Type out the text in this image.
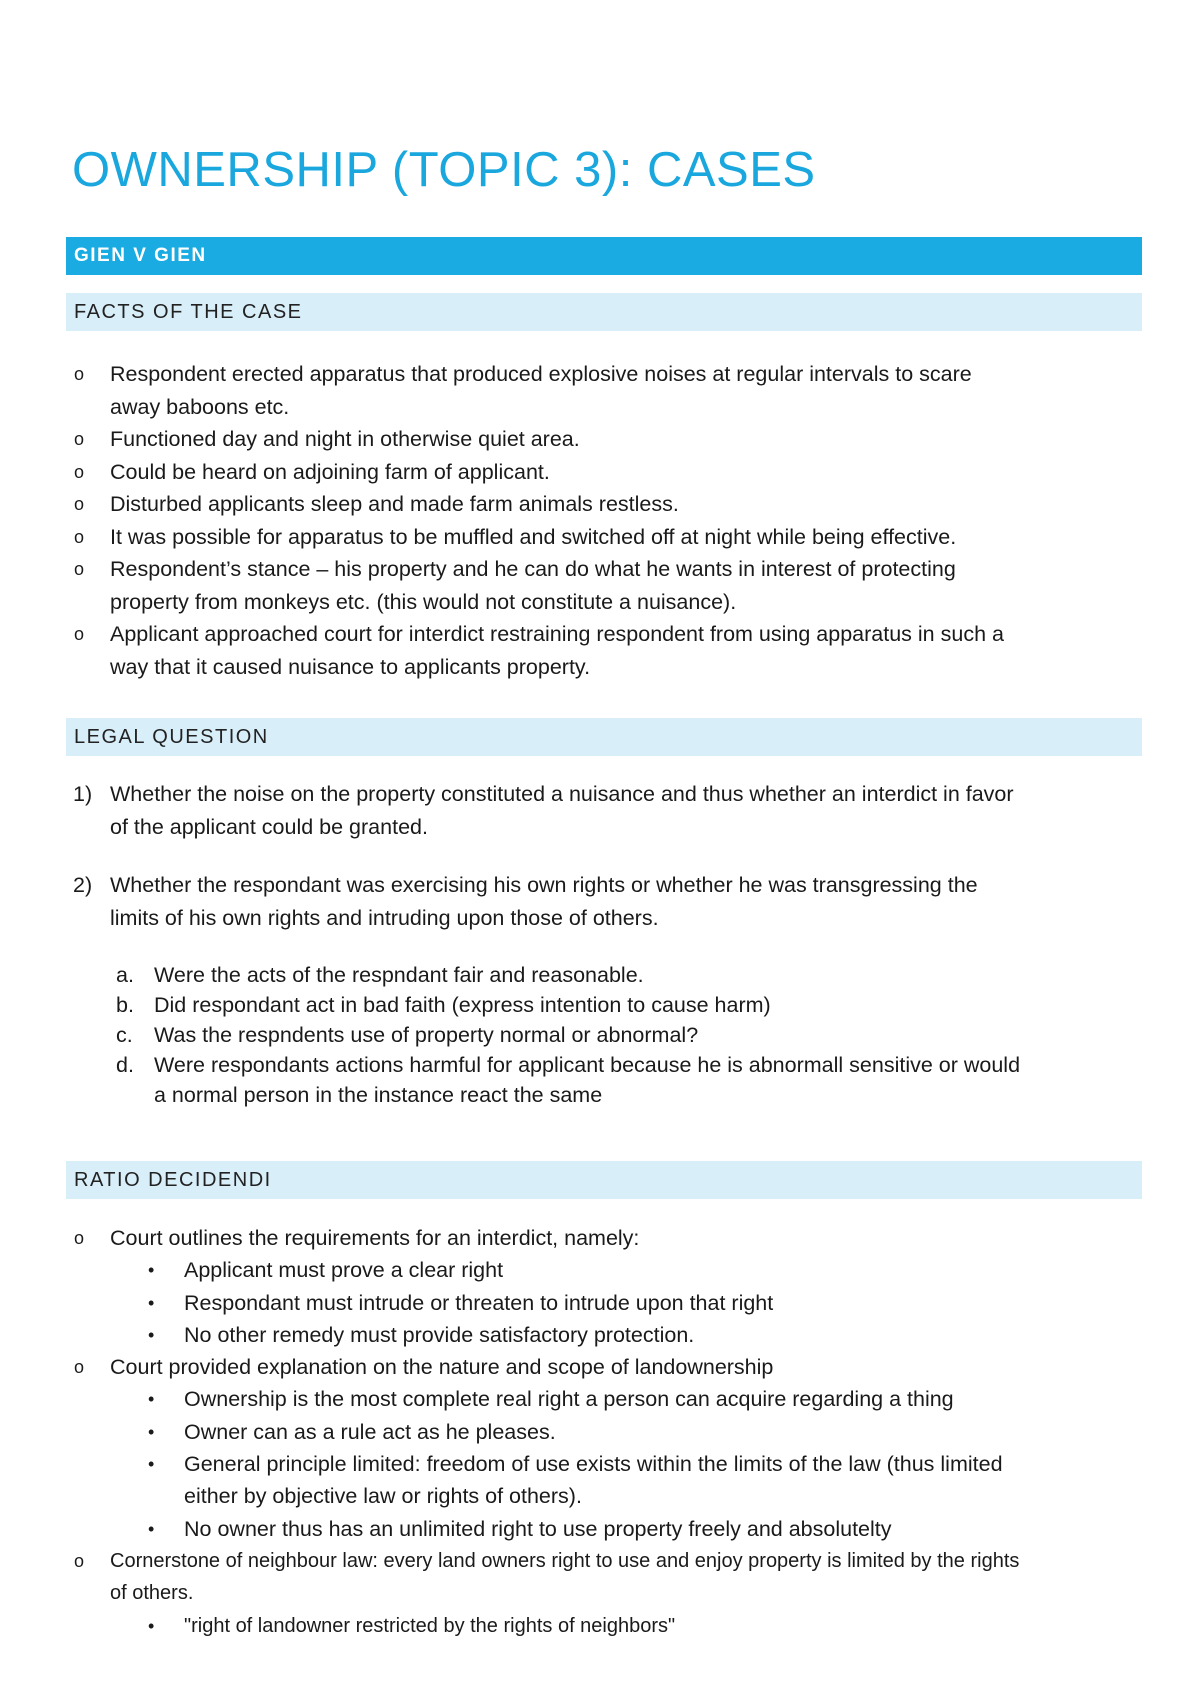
OWNERSHIP (TOPIC 3): CASES
GIEN V GIEN
FACTS OF THE CASE
o Respondent erected apparatus that produced explosive noises at regular intervals to scare
away baboons etc.
o Functioned day and night in otherwise quiet area.
o Could be heard on adjoining farm of applicant.
o Disturbed applicants sleep and made farm animals restless.
o It was possible for apparatus to be muffled and switched off at night while being effective.
o Respondent’s stance – his property and he can do what he wants in interest of protecting
property from monkeys etc. (this would not constitute a nuisance).
o Applicant approached court for interdict restraining respondent from using apparatus in such a
way that it caused nuisance to applicants property.
LEGAL QUESTION
1) Whether the noise on the property constituted a nuisance and thus whether an interdict in favor
of the applicant could be granted.
2) Whether the respondant was exercising his own rights or whether he was transgressing the
limits of his own rights and intruding upon those of others.
a. Were the acts of the respndant fair and reasonable.
b. Did respondant act in bad faith (express intention to cause harm)
c. Was the respndents use of property normal or abnormal?
d. Were respondants actions harmful for applicant because he is abnormall sensitive or would
a normal person in the instance react the same
RATIO DECIDENDI
o Court outlines the requirements for an interdict, namely:
• Applicant must prove a clear right
• Respondant must intrude or threaten to intrude upon that right
• No other remedy must provide satisfactory protection.
o Court provided explanation on the nature and scope of landownership
• Ownership is the most complete real right a person can acquire regarding a thing
• Owner can as a rule act as he pleases.
• General principle limited: freedom of use exists within the limits of the law (thus limited
either by objective law or rights of others).
• No owner thus has an unlimited right to use property freely and absolutelty
o Cornerstone of neighbour law: every land owners right to use and enjoy property is limited by the rights
of others.
• "right of landowner restricted by the rights of neighbors"
